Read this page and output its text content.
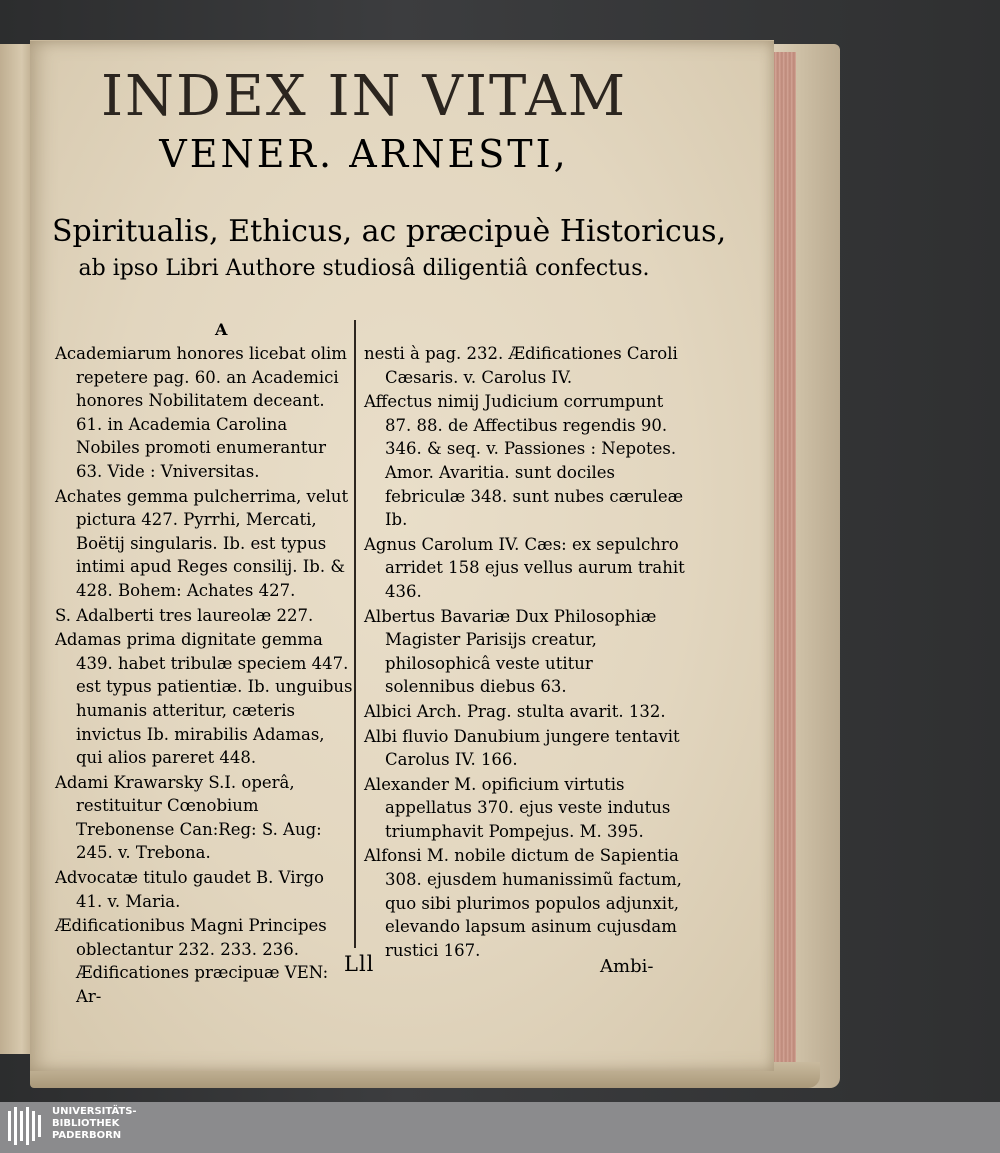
INDEX IN VITAM
VENER. ARNESTI,
Spiritualis, Ethicus, ac præcipuè Historicus,
ab ipso Libri Authore studiosâ diligentiâ confectus.
A

Academiarum honores licebat olim repetere pag. 60. an Academici honores Nobilitatem deceant. 61. in Academia Carolina Nobiles promoti enumerantur 63. Vide : Vniversitas.

Achates gemma pulcherrima, velut pictura 427. Pyrrhi, Mercati, Boëtij singularis. Ib. est typus intimi apud Reges consilij. Ib. & 428. Bohem: Achates 427.

S. Adalberti tres laureolæ 227.

Adamas prima dignitate gemma 439. habet tribulæ speciem 447. est typus patientiæ. Ib. unguibus humanis atteritur, cæteris invictus Ib. mirabilis Adamas, qui alios pareret 448.

Adami Krawarsky S.I. operâ, restituitur Cœnobium Trebonense Can:Reg: S. Aug: 245. v. Trebona.

Advocatæ titulo gaudet B. Virgo 41. v. Maria.

Ædificationibus Magni Principes oblectantur 232. 233. 236. Ædificationes præcipuæ VEN: Ar-

nesti à pag. 232. Ædificationes Caroli Cæsaris. v. Carolus IV.

Affectus nimij Judicium corrumpunt 87. 88. de Affectibus regendis 90. 346. & seq. v. Passiones : Nepotes. Amor. Avaritia. sunt dociles febriculæ 348. sunt nubes cæruleæ Ib.

Agnus Carolum IV. Cæs: ex sepulchro arridet 158 ejus vellus aurum trahit 436.

Albertus Bavariæ Dux Philosophiæ Magister Parisijs creatur, philosophicâ veste utitur solennibus diebus 63.

Albici Arch. Prag. stulta avarit. 132.

Albi fluvio Danubium jungere tentavit Carolus IV. 166.

Alexander M. opificium virtutis appellatus 370. ejus veste indutus triumphavit Pompejus. M. 395.

Alfonsi M. nobile dictum de Sapientia 308. ejusdem humanissimũ factum, quo sibi plurimos populos adjunxit, elevando lapsum asinum cujusdam rustici 167.

Lll	Ambi-
UNIVERSITÄTS-
BIBLIOTHEK
PADERBORN
